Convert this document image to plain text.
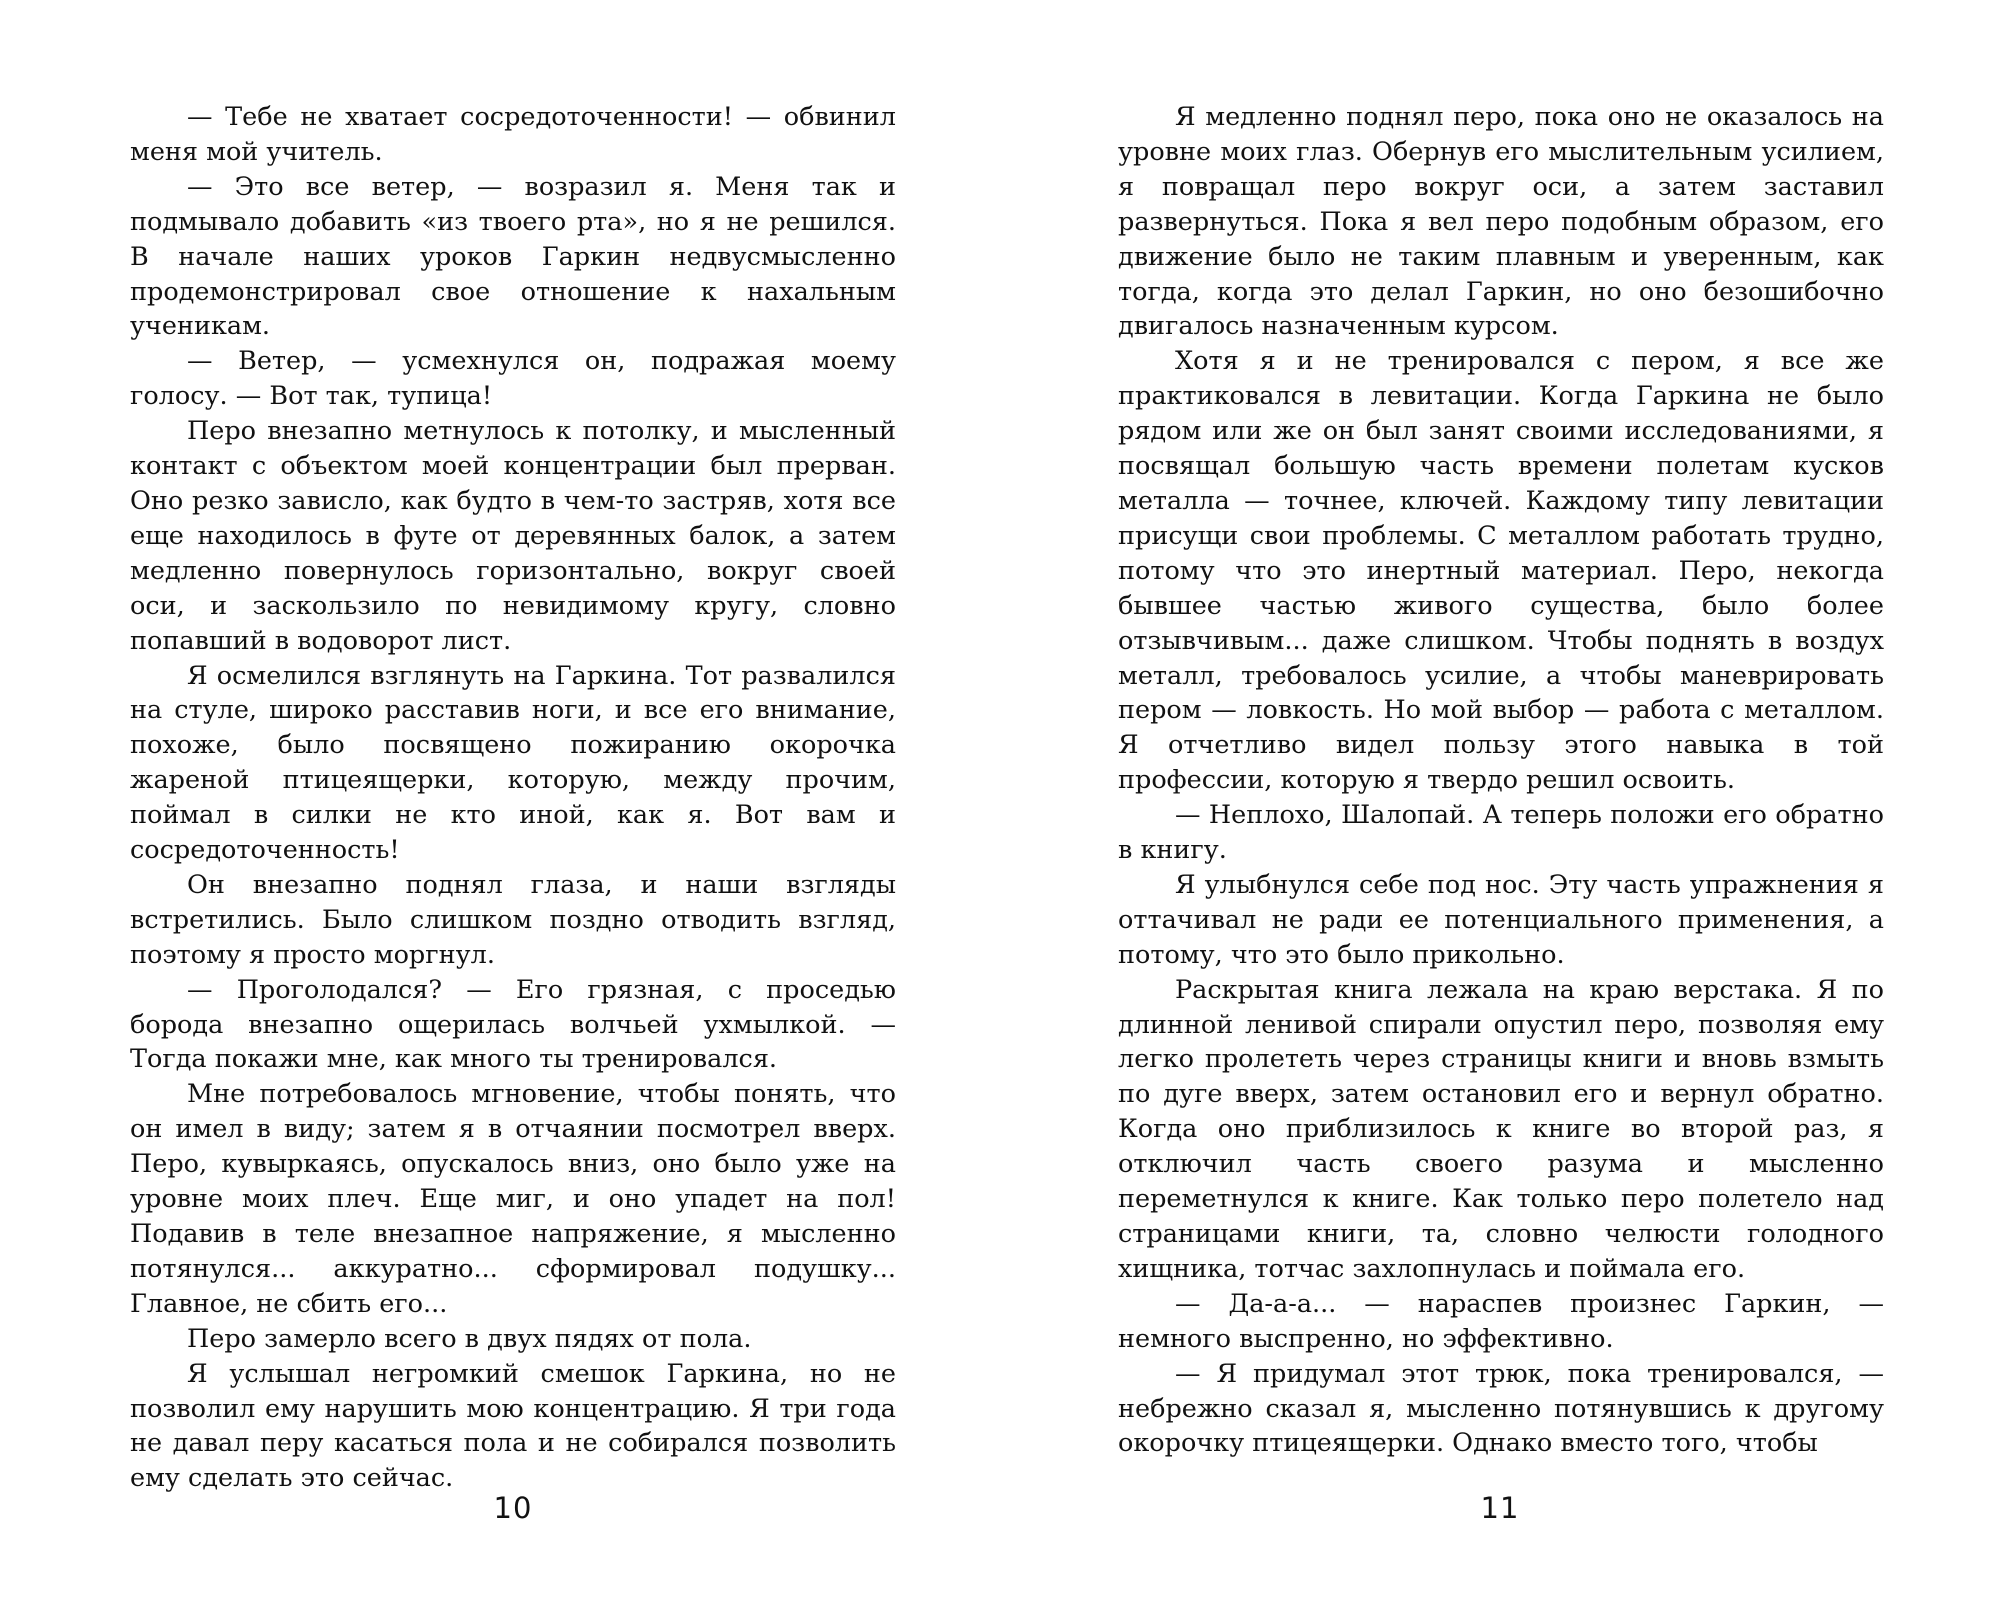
— Тебе не хватает сосредоточенности! — обвинил меня мой учитель.

— Это все ветер, — возразил я. Меня так и подмывало добавить «из твоего рта», но я не решился. В начале наших уроков Гаркин недвусмысленно продемонстрировал свое отношение к нахальным ученикам.

— Ветер, — усмехнулся он, подражая моему голосу. — Вот так, тупица!

Перо внезапно метнулось к потолку, и мысленный контакт с объектом моей концентрации был прерван. Оно резко зависло, как будто в чем-то застряв, хотя все еще находилось в футе от деревянных балок, а затем медленно повернулось горизонтально, вокруг своей оси, и заскользило по невидимому кругу, словно попавший в водоворот лист.

Я осмелился взглянуть на Гаркина. Тот развалился на стуле, широко расставив ноги, и все его внимание, похоже, было посвящено пожиранию окорочка жареной птицеящерки, которую, между прочим, поймал в силки не кто иной, как я. Вот вам и сосредоточенность!

Он внезапно поднял глаза, и наши взгляды встретились. Было слишком поздно отводить взгляд, поэтому я просто моргнул.

— Проголодался? — Его грязная, с проседью борода внезапно ощерилась волчьей ухмылкой. — Тогда покажи мне, как много ты тренировался.

Мне потребовалось мгновение, чтобы понять, что он имел в виду; затем я в отчаянии посмотрел вверх. Перо, кувыркаясь, опускалось вниз, оно было уже на уровне моих плеч. Еще миг, и оно упадет на пол! Подавив в теле внезапное напряжение, я мысленно потянулся... аккуратно... сформировал подушку... Главное, не сбить его...

Перо замерло всего в двух пядях от пола.

Я услышал негромкий смешок Гаркина, но не позволил ему нарушить мою концентрацию. Я три года не давал перу касаться пола и не собирался позволить ему сделать это сейчас.

10

Я медленно поднял перо, пока оно не оказалось на уровне моих глаз. Обернув его мыслительным усилием, я повращал перо вокруг оси, а затем заставил развернуться. Пока я вел перо подобным образом, его движение было не таким плавным и уверенным, как тогда, когда это делал Гаркин, но оно безошибочно двигалось назначенным курсом.

Хотя я и не тренировался с пером, я все же практиковался в левитации. Когда Гаркина не было рядом или же он был занят своими исследованиями, я посвящал большую часть времени полетам кусков металла — точнее, ключей. Каждому типу левитации присущи свои проблемы. С металлом работать трудно, потому что это инертный материал. Перо, некогда бывшее частью живого существа, было более отзывчивым... даже слишком. Чтобы поднять в воздух металл, требовалось усилие, а чтобы маневрировать пером — ловкость. Но мой выбор — работа с металлом. Я отчетливо видел пользу этого навыка в той профессии, которую я твердо решил освоить.

— Неплохо, Шалопай. А теперь положи его обратно в книгу.

Я улыбнулся себе под нос. Эту часть упражнения я оттачивал не ради ее потенциального применения, а потому, что это было прикольно.

Раскрытая книга лежала на краю верстака. Я по длинной ленивой спирали опустил перо, позволяя ему легко пролететь через страницы книги и вновь взмыть по дуге вверх, затем остановил его и вернул обратно. Когда оно приблизилось к книге во второй раз, я отключил часть своего разума и мысленно переметнулся к книге. Как только перо полетело над страницами книги, та, словно челюсти голодного хищника, тотчас захлопнулась и поймала его.

— Да-а-а... — нараспев произнес Гаркин, — немного выспренно, но эффективно.

— Я придумал этот трюк, пока тренировался, — небрежно сказал я, мысленно потянувшись к другому окорочку птицеящерки. Однако вместо того, чтобы

11
